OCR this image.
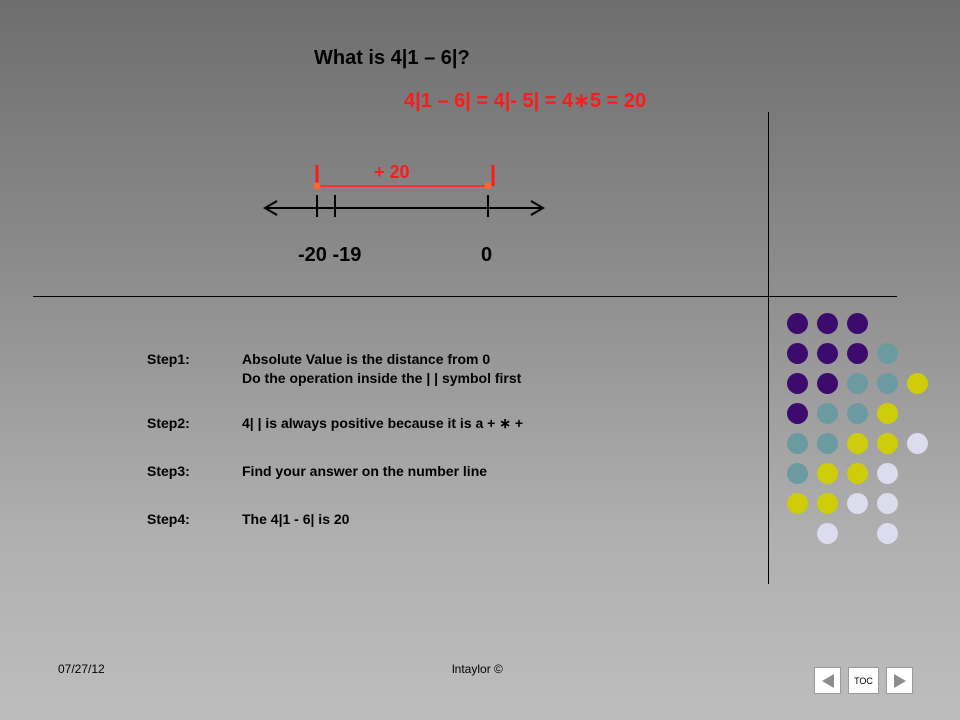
What is 4|1 – 6|?
4|1 – 6| = 4|- 5| = 4∗5 = 20
+ 20
-20 -19	0
Step1:	Absolute Value is the distance from 0
Do the operation inside the | | symbol first
Step2:	4| | is always positive because it is a + ∗ +
Step3:	Find your answer on the number line
Step4:	The 4|1 - 6| is 20
07/27/12	lntaylor ©
TOC
